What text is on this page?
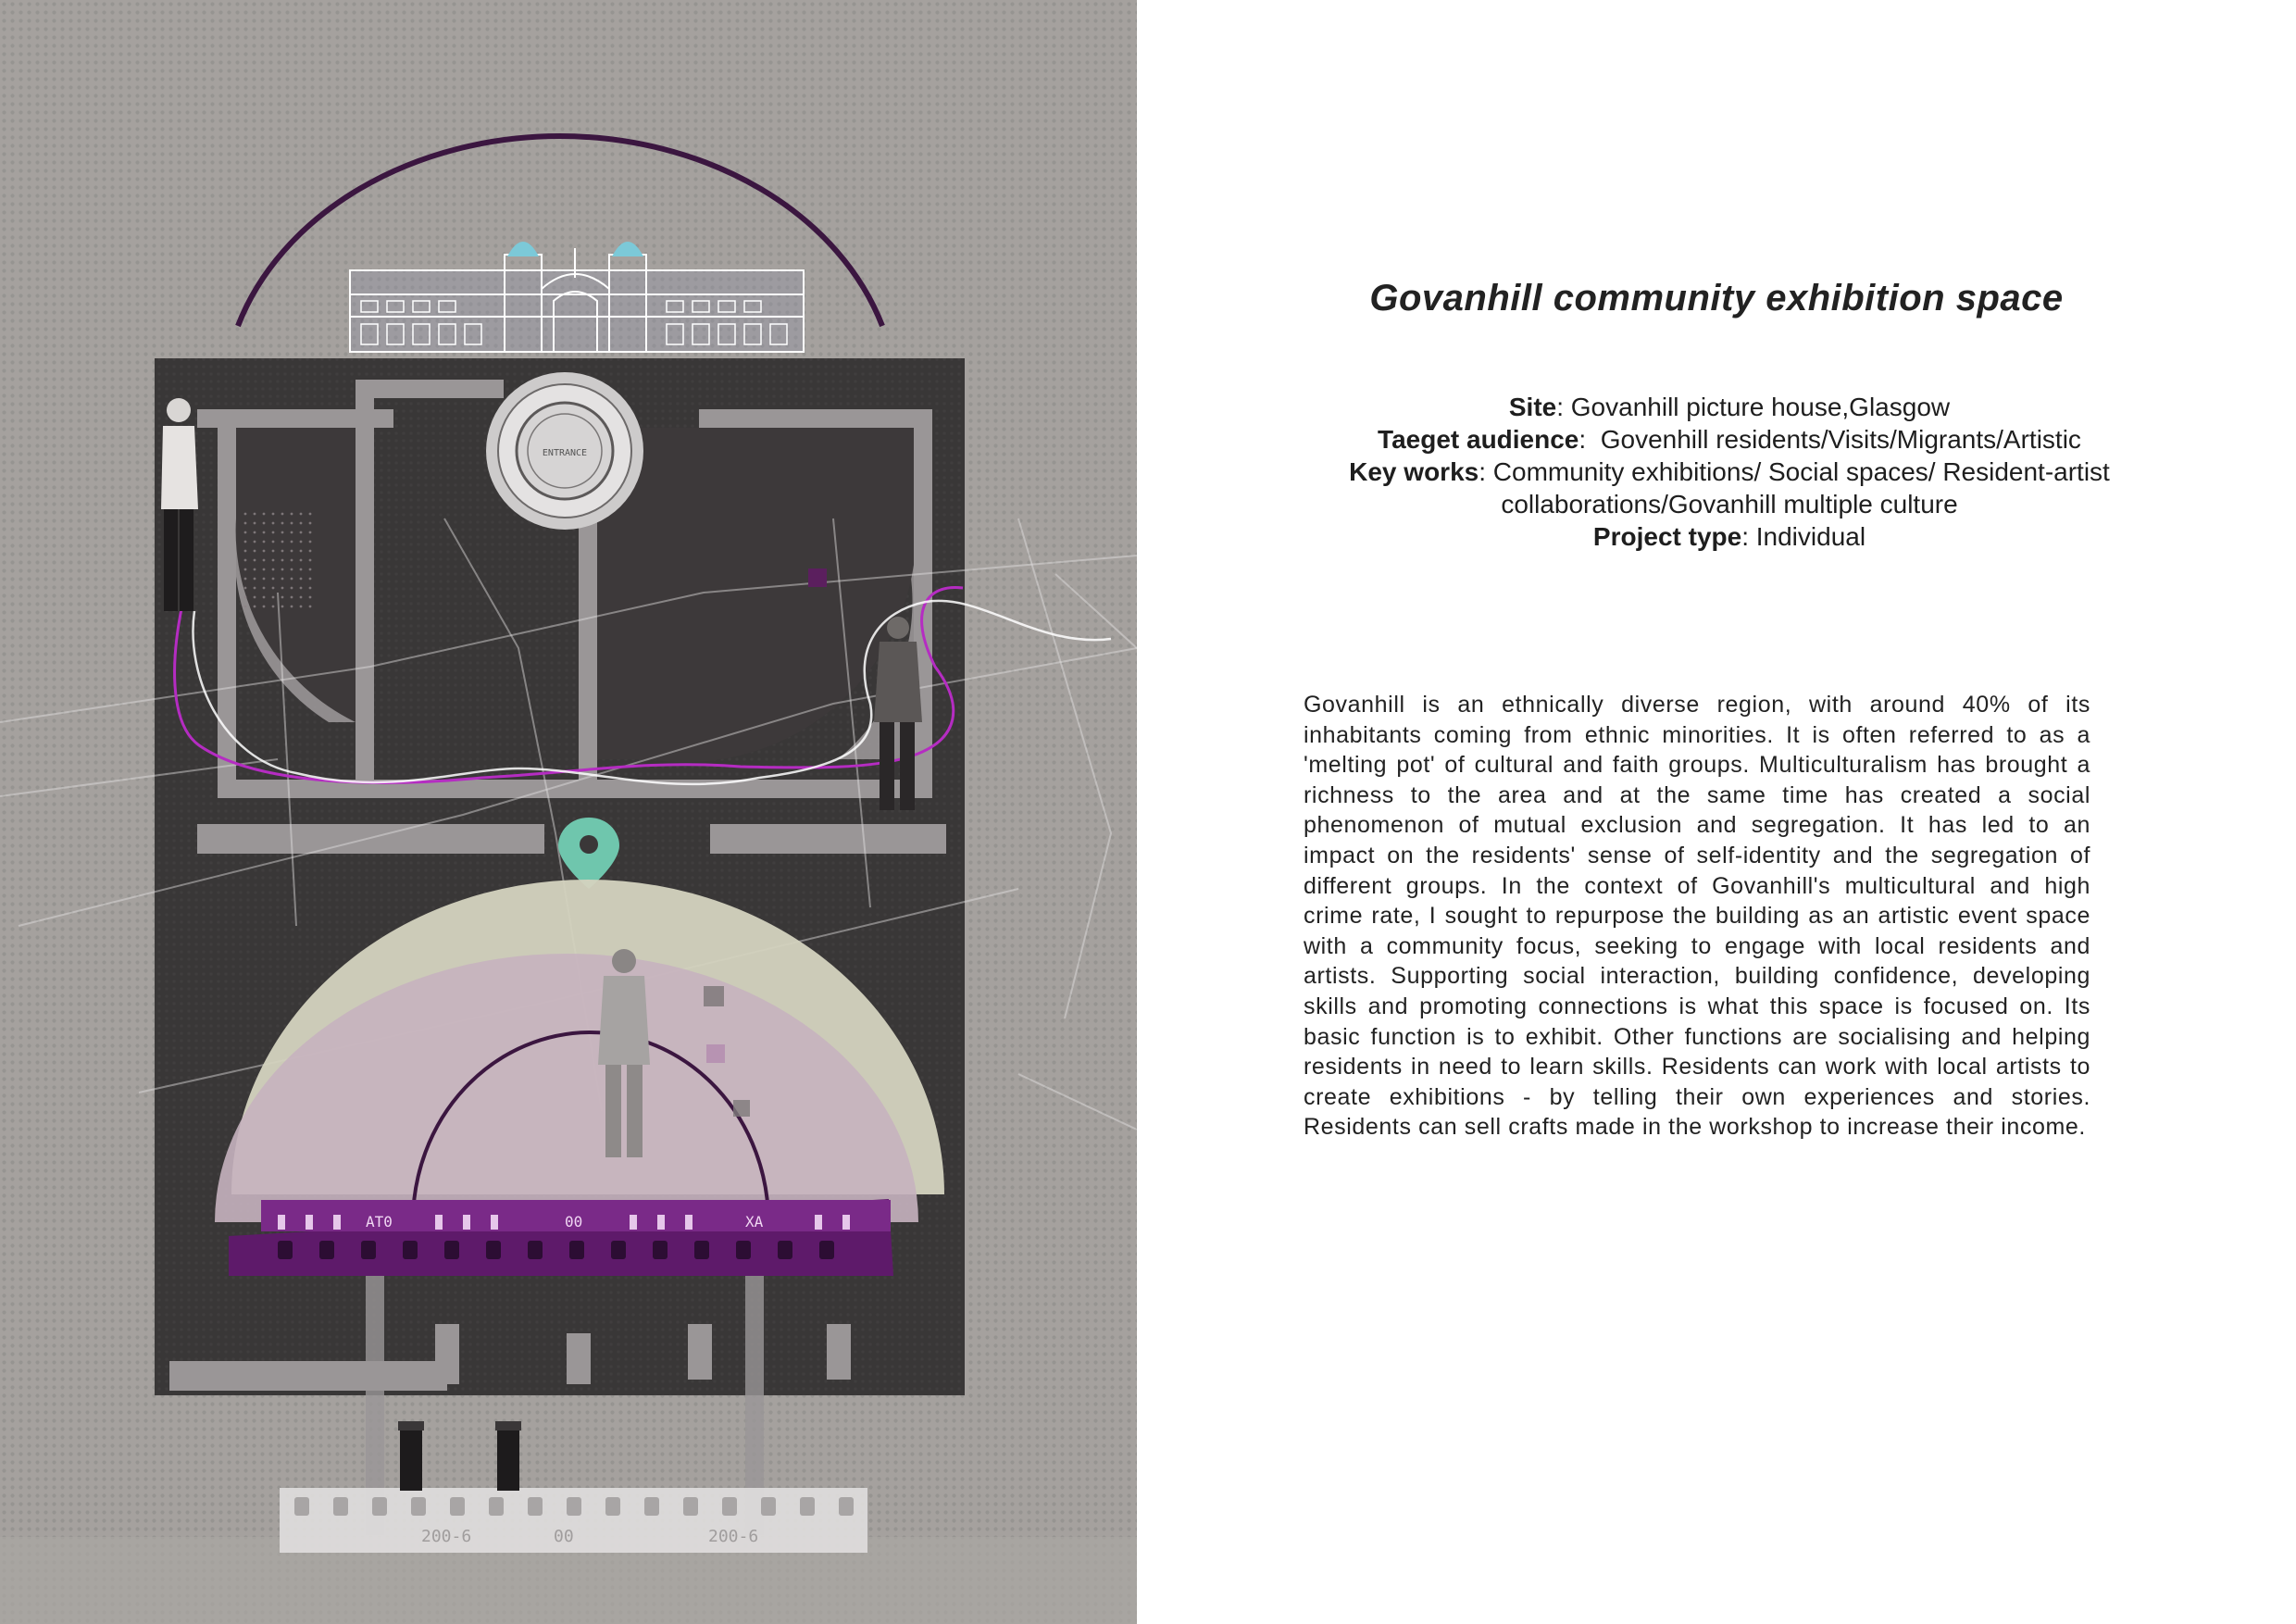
ENTRANCE
ΑΤ0	00	ΧΑ
200-6	00	200-6
Govanhill community exhibition space
Site: Govanhill picture house,Glasgow
Taeget audience:  Govenhill residents/Visits/Migrants/Artistic
Key works: Community exhibitions/ Social spaces/ Resident-artist
collaborations/Govanhill multiple culture
Project type: Individual
Govanhill is an ethnically diverse region, with around 40% of its inhabitants coming from ethnic minorities. It is often referred to as a 'melting pot' of cultural and faith groups. Multiculturalism has brought a richness to the area and at the same time has created a social phenomenon of mutual exclusion and segregation. It has led to an impact on the residents' sense of self-identity and the segregation of different groups. In the context of Govanhill's multicultural and high crime rate, I sought to repurpose the building as an artistic event space with a community focus, seeking to engage with local residents and artists. Supporting social interaction, building confidence, developing skills and promoting connections is what this space is focused on. Its basic function is to exhibit. Other functions are socialising and helping residents in need to learn skills. Residents can work with local artists to create exhibitions - by telling their own experiences and stories. Residents can sell crafts made in the workshop to increase their income.
